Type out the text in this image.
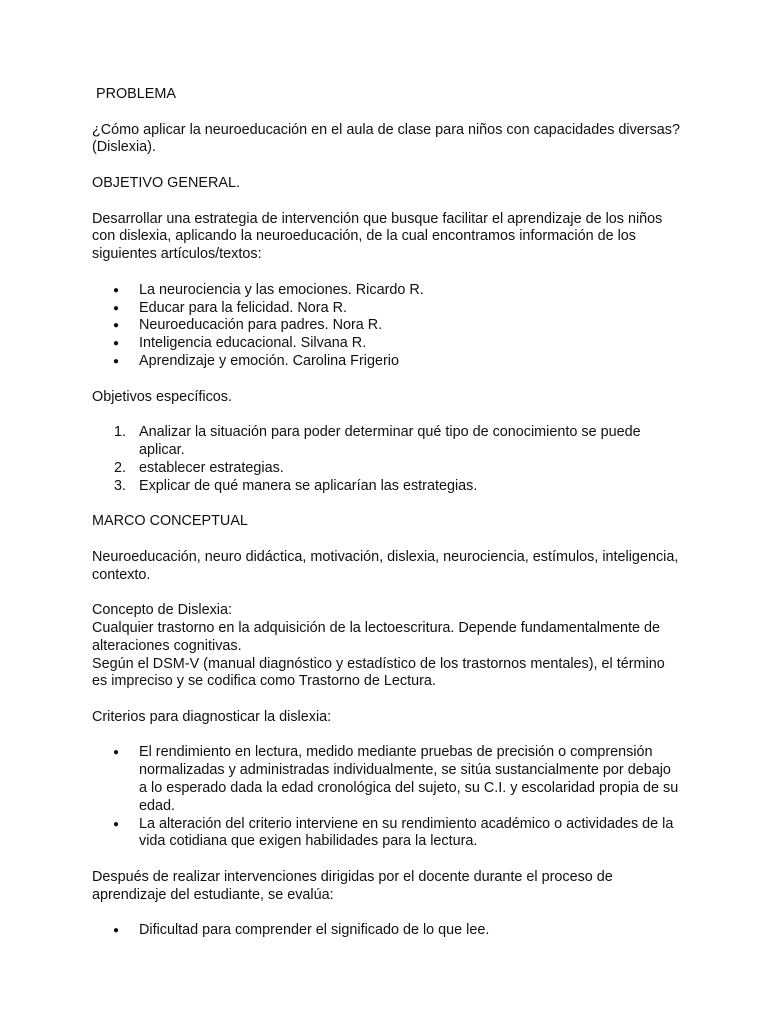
PROBLEMA

¿Cómo aplicar la neuroeducación en el aula de clase para niños con capacidades diversas? (Dislexia).

OBJETIVO GENERAL.

Desarrollar una estrategia de intervención que busque facilitar el aprendizaje de los niños con dislexia, aplicando la neuroeducación, de la cual encontramos información de los siguientes artículos/textos:

● La neurociencia y las emociones. Ricardo R.
● Educar para la felicidad. Nora R.
● Neuroeducación para padres. Nora R.
● Inteligencia educacional. Silvana R.
● Aprendizaje y emoción. Carolina Frigerio

Objetivos específicos.

1. Analizar la situación para poder determinar qué tipo de conocimiento se puede aplicar.
2. establecer estrategias.
3. Explicar de qué manera se aplicarían las estrategias.

MARCO CONCEPTUAL

Neuroeducación, neuro didáctica, motivación, dislexia, neurociencia, estímulos, inteligencia, contexto.

Concepto de Dislexia:

Cualquier trastorno en la adquisición de la lectoescritura. Depende fundamentalmente de alteraciones cognitivas.

Según el DSM-V (manual diagnóstico y estadístico de los trastornos mentales), el término es impreciso y se codifica como Trastorno de Lectura.

Criterios para diagnosticar la dislexia:

● El rendimiento en lectura, medido mediante pruebas de precisión o comprensión normalizadas y administradas individualmente, se sitúa sustancialmente por debajo a lo esperado dada la edad cronológica del sujeto, su C.I. y escolaridad propia de su edad.
● La alteración del criterio interviene en su rendimiento académico o actividades de la vida cotidiana que exigen habilidades para la lectura.

Después de realizar intervenciones dirigidas por el docente durante el proceso de aprendizaje del estudiante, se evalúa:

● Dificultad para comprender el significado de lo que lee.
